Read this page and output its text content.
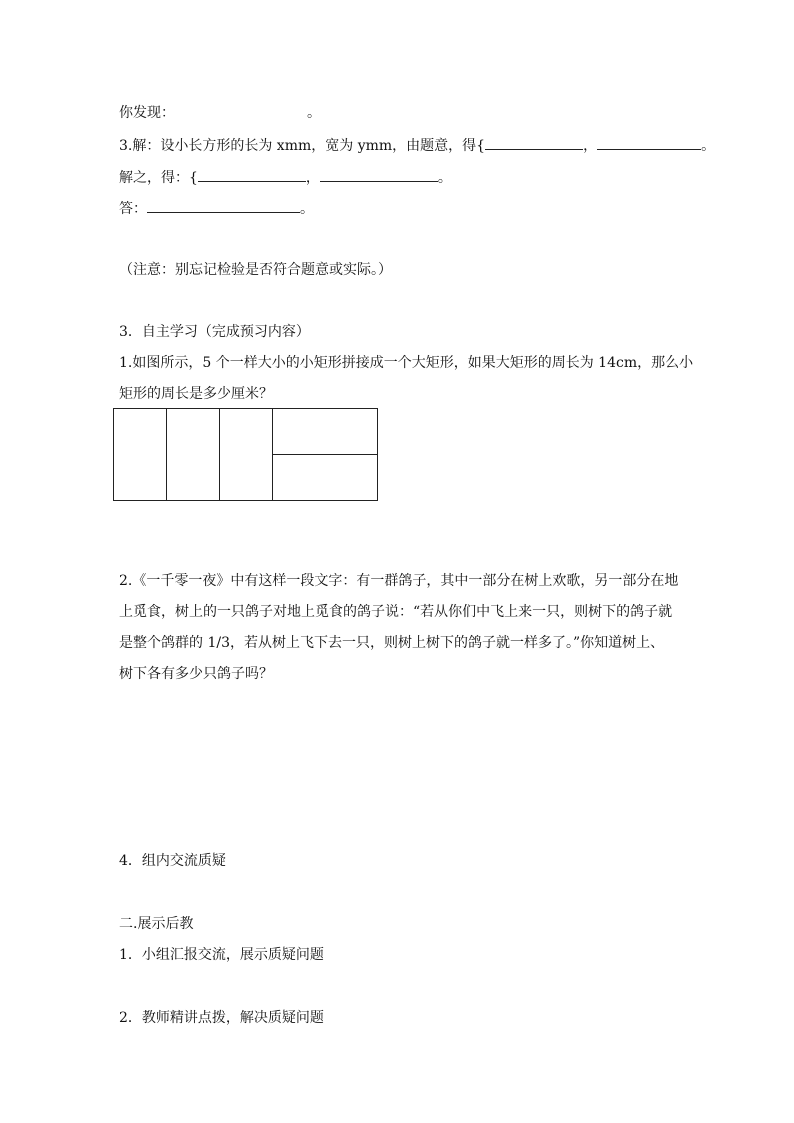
你发现：	。
3.解：设小长方形的长为 xmm，宽为 ymm，由题意，得{	，	。
解之，得：{	，	。
答：	。
（注意：别忘记检验是否符合题意或实际。）
3．自主学习（完成预习内容）
1.如图所示，5 个一样大小的小矩形拼接成一个大矩形，如果大矩形的周长为 14cm，那么小
矩形的周长是多少厘米？
2.《一千零一夜》中有这样一段文字：有一群鸽子，其中一部分在树上欢歌，另一部分在地
上觅食，树上的一只鸽子对地上觅食的鸽子说：“若从你们中飞上来一只，则树下的鸽子就
是整个鸽群的 1/3，若从树上飞下去一只，则树上树下的鸽子就一样多了。”你知道树上、
树下各有多少只鸽子吗？
4．组内交流质疑
二.展示后教
1．小组汇报交流，展示质疑问题
2．教师精讲点拨，解决质疑问题
